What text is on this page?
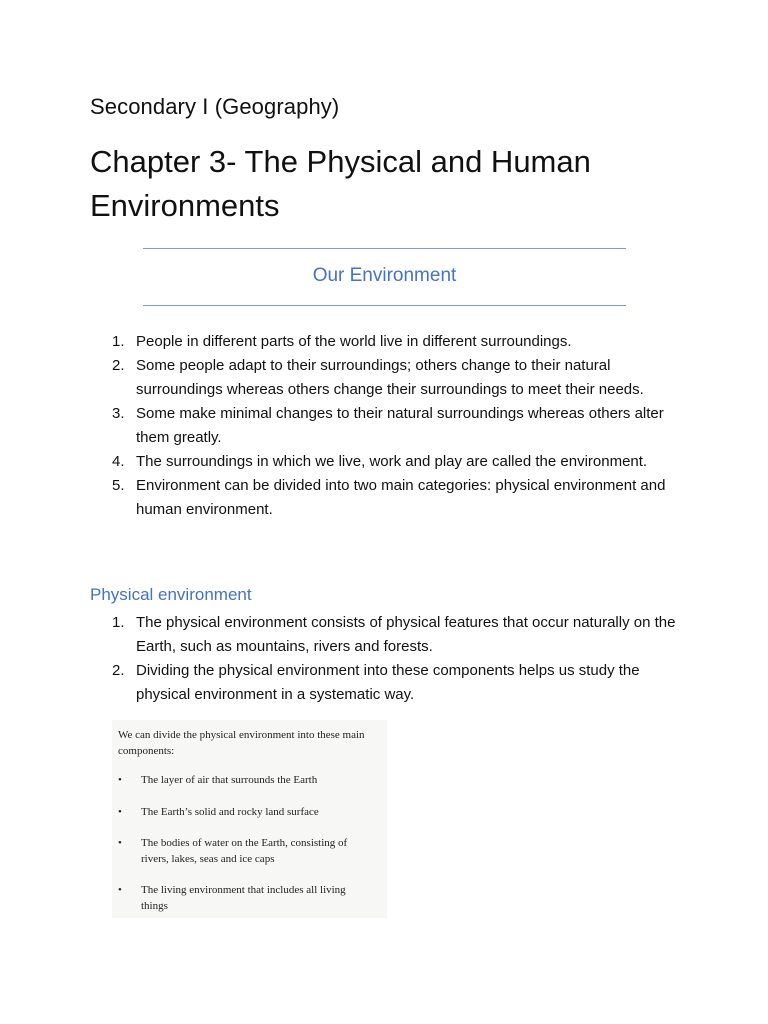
Secondary I (Geography)
Chapter 3- The Physical and Human Environments
Our Environment
1. People in different parts of the world live in different surroundings.
2. Some people adapt to their surroundings; others change to their natural surroundings whereas others change their surroundings to meet their needs.
3. Some make minimal changes to their natural surroundings whereas others alter them greatly.
4. The surroundings in which we live, work and play are called the environment.
5. Environment can be divided into two main categories: physical environment and human environment.
Physical environment
1. The physical environment consists of physical features that occur naturally on the Earth, such as mountains, rivers and forests.
2. Dividing the physical environment into these components helps us study the physical environment in a systematic way.
We can divide the physical environment into these main components:
•	The layer of air that surrounds the Earth
•	The Earth’s solid and rocky land surface
•	The bodies of water on the Earth, consisting of rivers, lakes, seas and ice caps
•	The living environment that includes all living things
